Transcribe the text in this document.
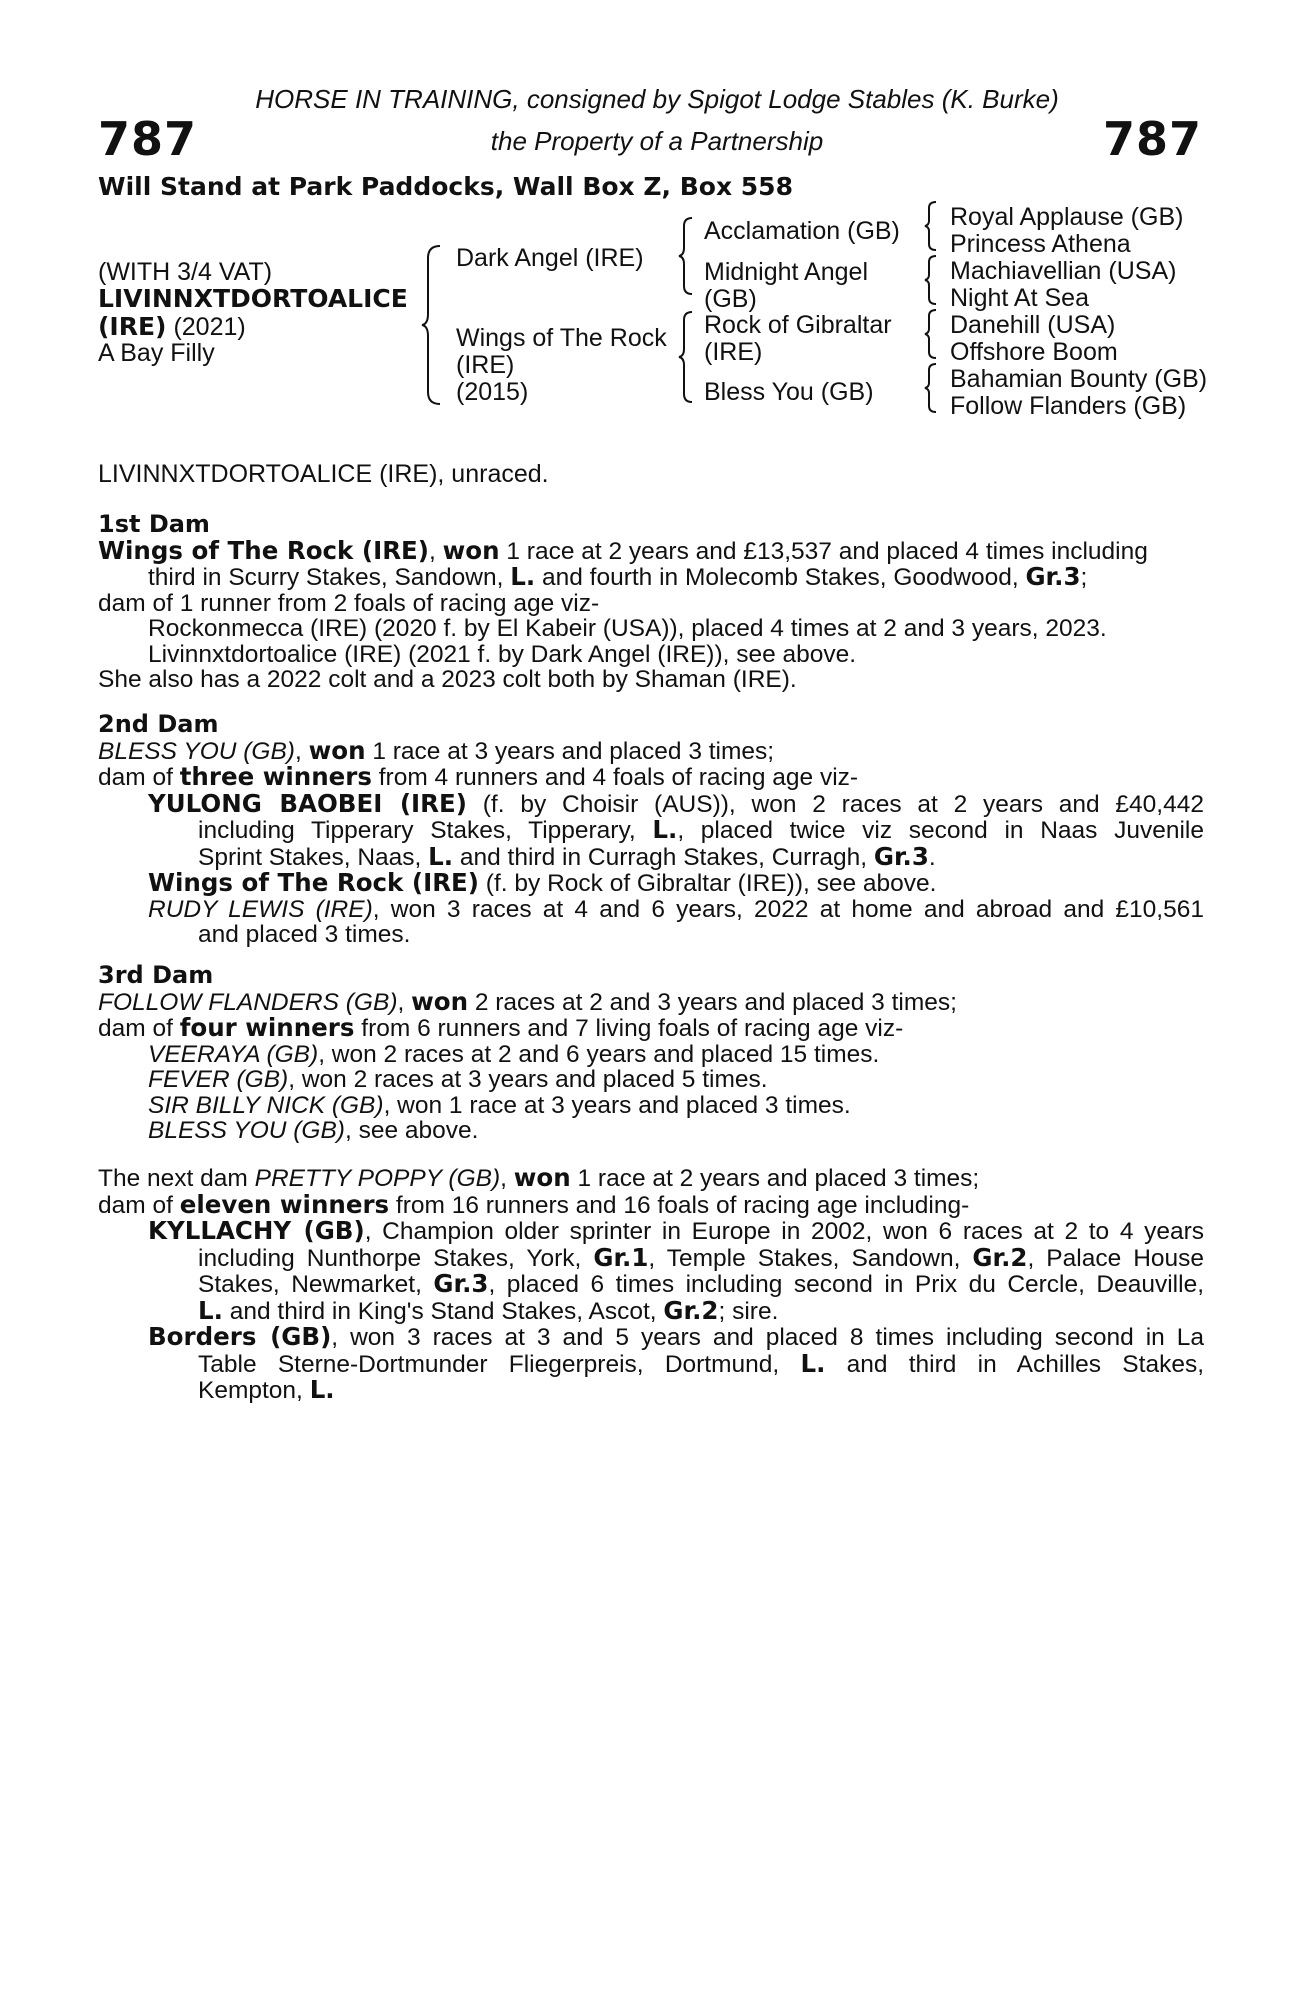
787	787
HORSE IN TRAINING, consigned by Spigot Lodge Stables (K. Burke)
the Property of a Partnership
Will Stand at Park Paddocks, Wall Box Z, Box 558
(WITH 3/4 VAT)
LIVINNXTDORTOALICE
(IRE) (2021)
A Bay Filly
Dark Angel (IRE)
Wings of The Rock
(IRE)
(2015)
Acclamation (GB)
Midnight Angel
(GB)
Rock of Gibraltar
(IRE)
Bless You (GB)
Royal Applause (GB)
Princess Athena
Machiavellian (USA)
Night At Sea
Danehill (USA)
Offshore Boom
Bahamian Bounty (GB)
Follow Flanders (GB)
LIVINNXTDORTOALICE (IRE), unraced.
1st Dam
Wings of The Rock (IRE), won 1 race at 2 years and £13,537 and placed 4 times including
third in Scurry Stakes, Sandown, L. and fourth in Molecomb Stakes, Goodwood, Gr.3;
dam of 1 runner from 2 foals of racing age viz-
Rockonmecca (IRE) (2020 f. by El Kabeir (USA)), placed 4 times at 2 and 3 years, 2023.
Livinnxtdortoalice (IRE) (2021 f. by Dark Angel (IRE)), see above.
She also has a 2022 colt and a 2023 colt both by Shaman (IRE).
2nd Dam
BLESS YOU (GB), won 1 race at 3 years and placed 3 times;
dam of three winners from 4 runners and 4 foals of racing age viz-
YULONG BAOBEI (IRE) (f. by Choisir (AUS)), won 2 races at 2 years and £40,442
including Tipperary Stakes, Tipperary, L., placed twice viz second in Naas Juvenile
Sprint Stakes, Naas, L. and third in Curragh Stakes, Curragh, Gr.3.
Wings of The Rock (IRE) (f. by Rock of Gibraltar (IRE)), see above.
RUDY LEWIS (IRE), won 3 races at 4 and 6 years, 2022 at home and abroad and £10,561
and placed 3 times.
3rd Dam
FOLLOW FLANDERS (GB), won 2 races at 2 and 3 years and placed 3 times;
dam of four winners from 6 runners and 7 living foals of racing age viz-
VEERAYA (GB), won 2 races at 2 and 6 years and placed 15 times.
FEVER (GB), won 2 races at 3 years and placed 5 times.
SIR BILLY NICK (GB), won 1 race at 3 years and placed 3 times.
BLESS YOU (GB), see above.
The next dam PRETTY POPPY (GB), won 1 race at 2 years and placed 3 times;
dam of eleven winners from 16 runners and 16 foals of racing age including-
KYLLACHY (GB), Champion older sprinter in Europe in 2002, won 6 races at 2 to 4 years
including Nunthorpe Stakes, York, Gr.1, Temple Stakes, Sandown, Gr.2, Palace House
Stakes, Newmarket, Gr.3, placed 6 times including second in Prix du Cercle, Deauville,
L. and third in King's Stand Stakes, Ascot, Gr.2; sire.
Borders (GB), won 3 races at 3 and 5 years and placed 8 times including second in La
Table Sterne-Dortmunder Fliegerpreis, Dortmund, L. and third in Achilles Stakes,
Kempton, L.
